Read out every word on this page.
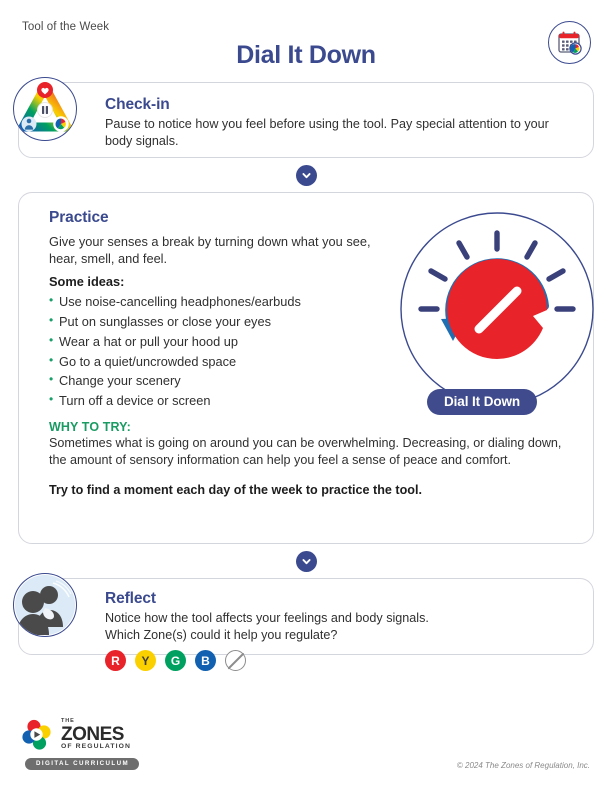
Tool of the Week
Dial It Down
Check-in
Pause to notice how you feel before using the tool. Pay special attention to your body signals.
Practice
Give your senses a break by turning down what you see, hear, smell, and feel.
Some ideas:
• Use noise-cancelling headphones/earbuds
• Put on sunglasses or close your eyes
• Wear a hat or pull your hood up
• Go to a quiet/uncrowded space
• Change your scenery
• Turn off a device or screen	Dial It Down
WHY TO TRY:
Sometimes what is going on around you can be overwhelming. Decreasing, or dialing down, the amount of sensory information can help you feel a sense of peace and comfort.
Try to find a moment each day of the week to practice the tool.
Reflect
Notice how the tool affects your feelings and body signals.
Which Zone(s) could it help you regulate?
R	Y	G	B
THE
ZONES
OF REGULATION
DIGITAL CURRICULUM	© 2024 The Zones of Regulation, Inc.
